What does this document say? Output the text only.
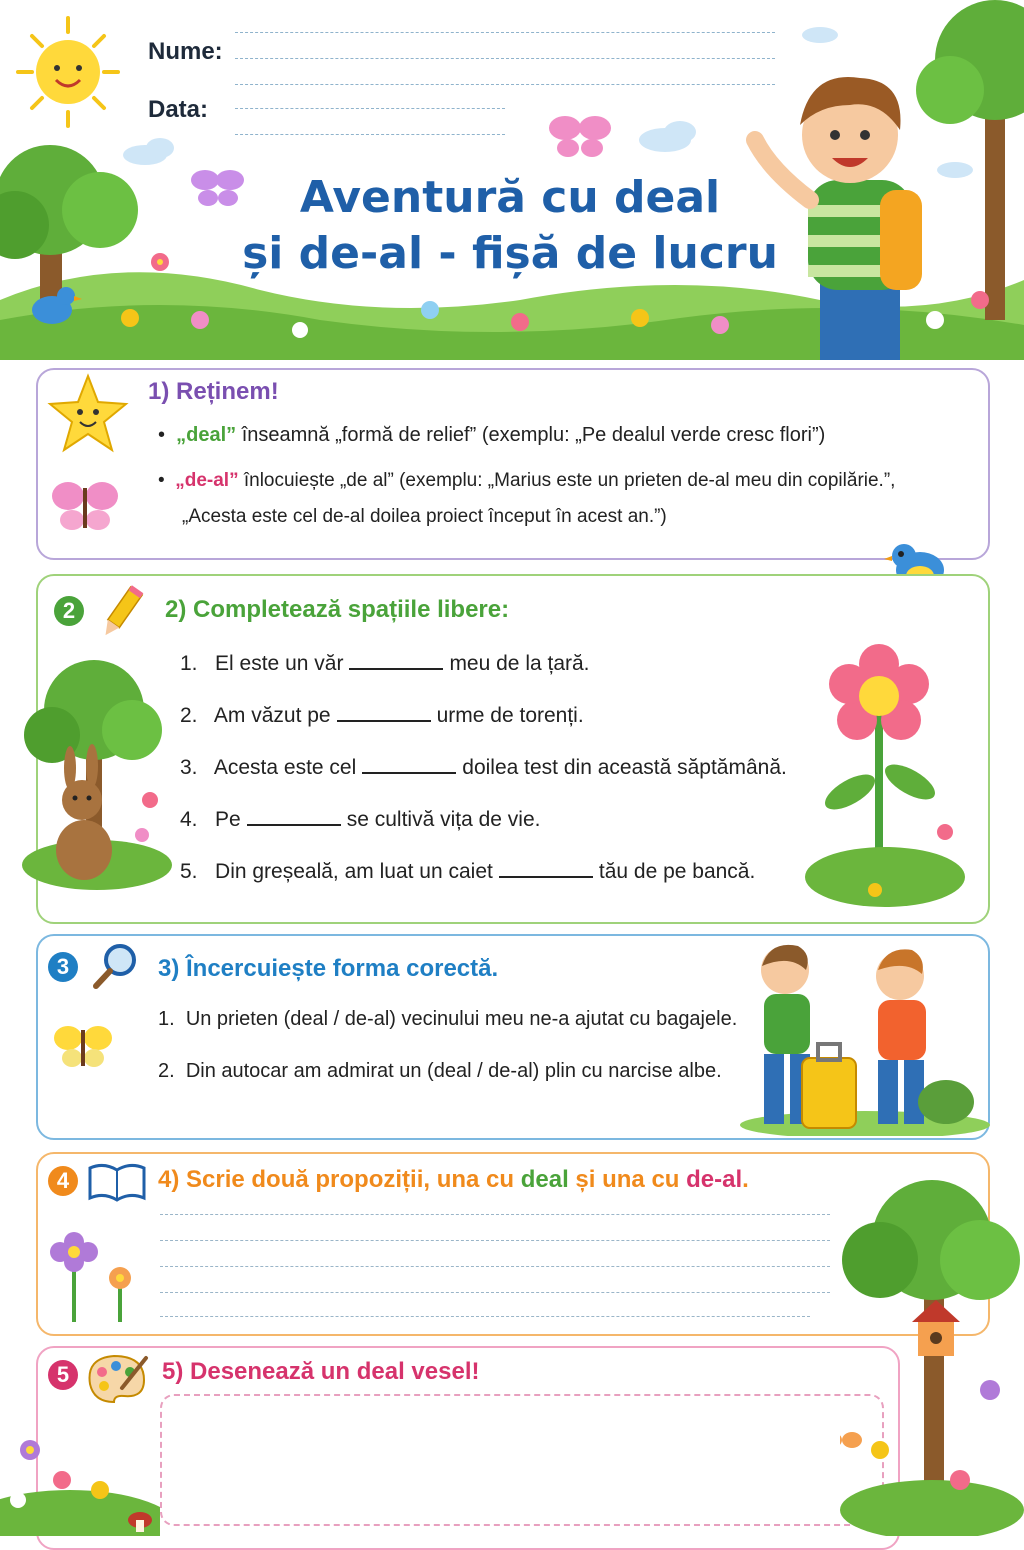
Nume:
Data:
Aventură cu deal
și de-al - fișă de lucru
1) Reținem!
•  „deal” înseamnă „formă de relief” (exemplu: „Pe dealul verde cresc flori”)
•  „de-al” înlocuiește „de al” (exemplu: „Marius este un prieten de-al meu din copilărie.”,
„Acesta este cel de-al doilea proiect început în acest an.”)
2	2) Completează spațiile libere:
1. El este un văr	meu de la țară.
2. Am văzut pe	urme de torenți.
3. Acesta este cel	doilea test din această săptămână.
4. Pe	se cultivă vița de vie.
5. Din greșeală, am luat un caiet	tău de pe bancă.
3	3) Încercuiește forma corectă.
1. Un prieten (deal / de-al) vecinului meu ne-a ajutat cu bagajele.
2. Din autocar am admirat un (deal / de-al) plin cu narcise albe.
4	4) Scrie două propoziții, una cu deal și una cu de-al.
5	5) Desenează un deal vesel!
